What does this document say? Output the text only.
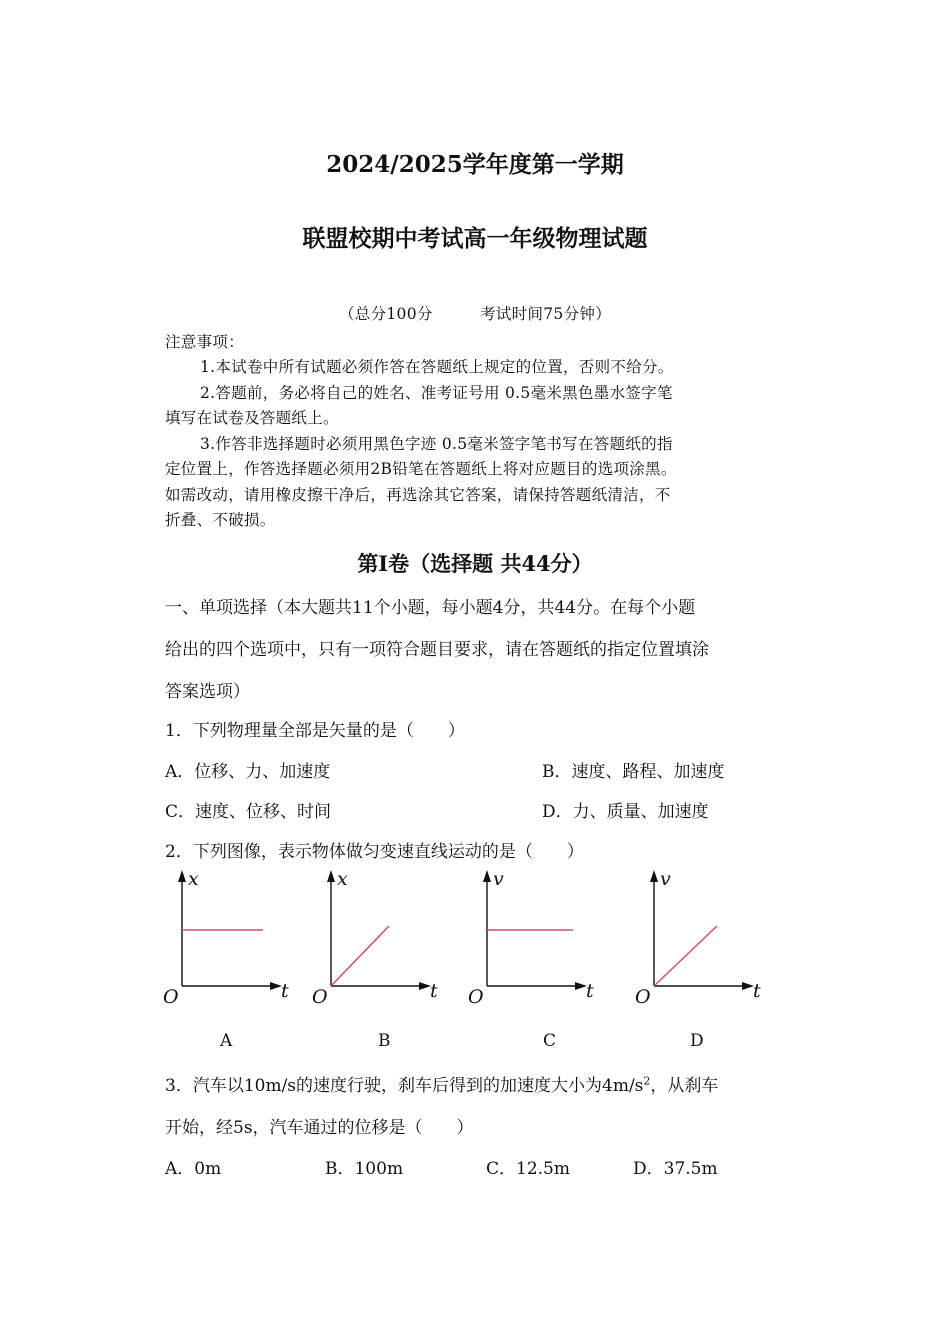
2024/2025学年度第一学期
联盟校期中考试高一年级物理试题
（总分100分　　　考试时间75分钟）
注意事项：
1.本试卷中所有试题必须作答在答题纸上规定的位置，否则不给分。
2.答题前，务必将自己的姓名、准考证号用 0.5毫米黑色墨水签字笔
填写在试卷及答题纸上。
3.作答非选择题时必须用黑色字迹 0.5毫米签字笔书写在答题纸的指
定位置上，作答选择题必须用2B铅笔在答题纸上将对应题目的选项涂黑。
如需改动，请用橡皮擦干净后，再选涂其它答案，请保持答题纸清洁，不
折叠、不破损。
第Ⅰ卷（选择题 共44分）
一、单项选择（本大题共11个小题，每小题4分，共44分。在每个小题
给出的四个选项中，只有一项符合题目要求，请在答题纸的指定位置填涂
答案选项）
1．下列物理量全部是矢量的是（　　）
A．位移、力、加速度	B．速度、路程、加速度
C．速度、位移、时间	D．力、质量、加速度
2．下列图像，表示物体做匀变速直线运动的是（　　）
x
t
O
A
x
t
O
B
v
t
O
C
v
t
O
D
3．汽车以10m/s的速度行驶，刹车后得到的加速度大小为$4m/s^2$，从刹车
开始，经5s，汽车通过的位移是（　　）
A．0m	B．100m	C．12.5m	D．37.5m
